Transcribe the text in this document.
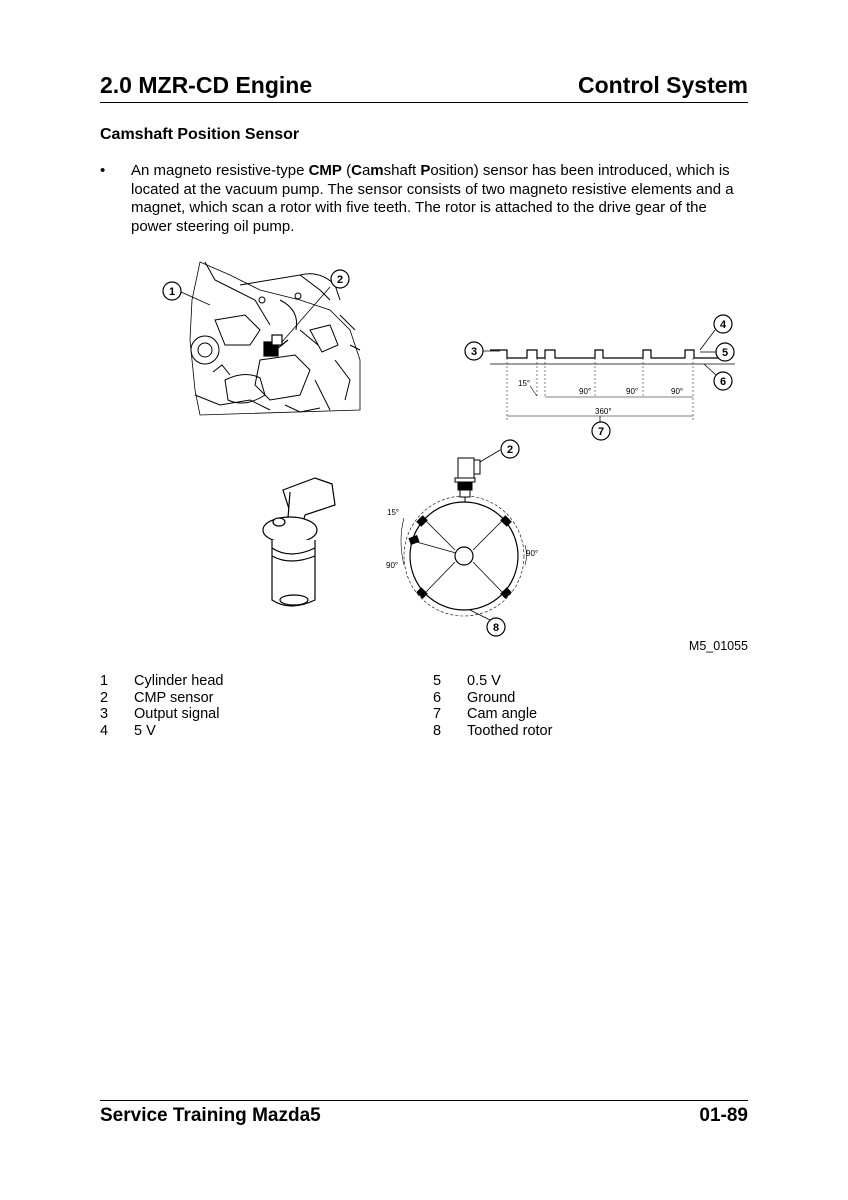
2.0 MZR-CD Engine	Control System
Camshaft Position Sensor
• An magneto resistive-type CMP (Camshaft Position) sensor has been introduced, which is located at the vacuum pump. The sensor consists of two magneto resistive elements and a magnet, which scan a rotor with five teeth. The rotor is attached to the drive gear of the power steering oil pump.
15°
90°	90°	90°
360°
15°
90°
90°
1
2
3
4
5
6
7
2
8
M5_01055
1 Cylinder head
2 CMP sensor
3 Output signal
4 5 V
5 0.5 V
6 Ground
7 Cam angle
8 Toothed rotor
Service Training Mazda5	01-89
